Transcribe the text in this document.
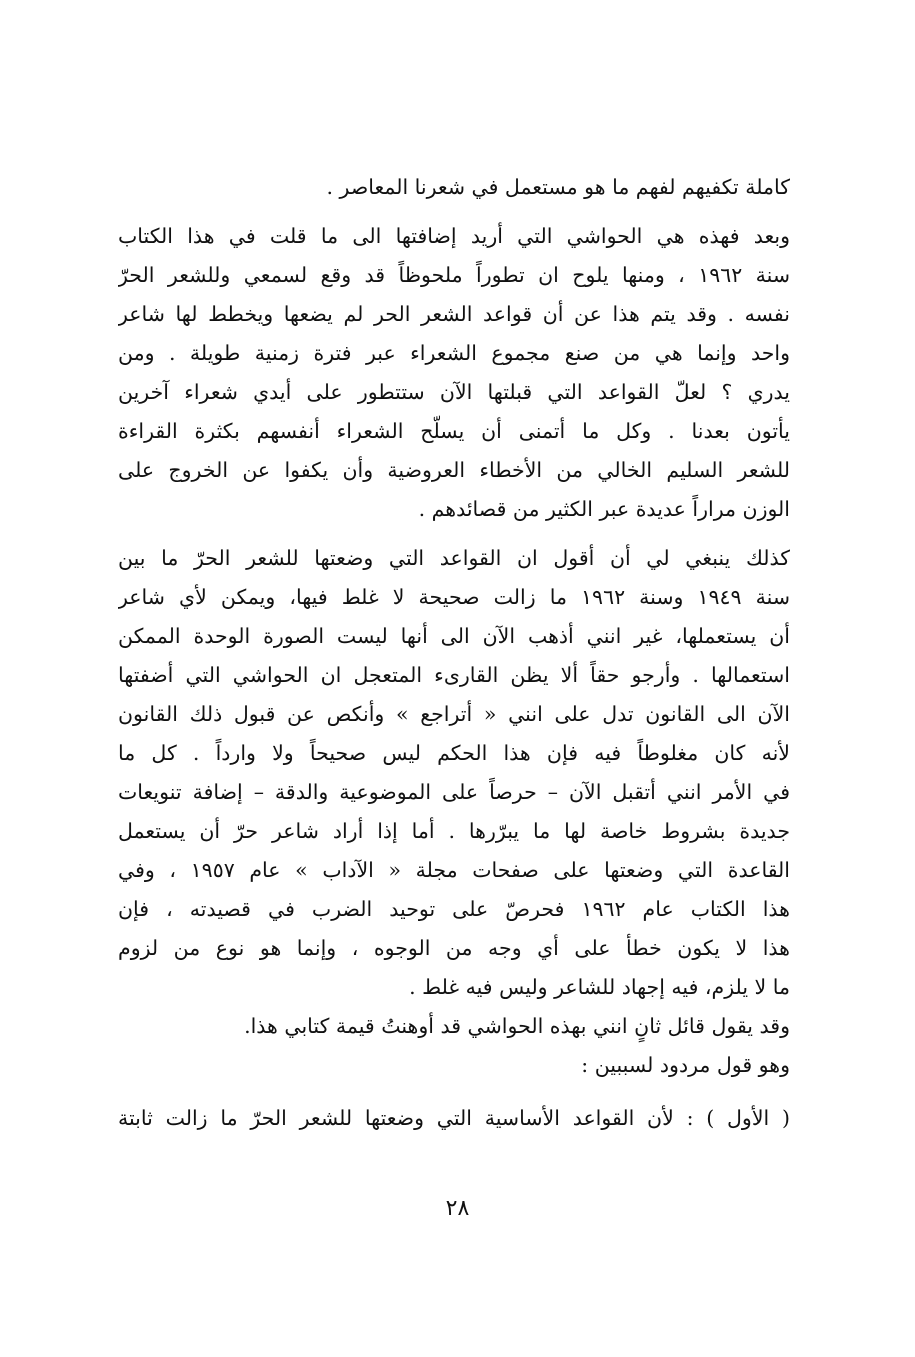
كاملة تكفيهم لفهم ما هو مستعمل في شعرنا المعاصر .
وبعد فهذه هي الحواشي التي أريد إضافتها الى ما قلت في هذا الكتاب
سنة ١٩٦٢ ، ومنها يلوح ان تطوراً ملحوظاً قد وقع لسمعي وللشعر الحرّ
نفسه . وقد يتم هذا عن أن قواعد الشعر الحر لم يضعها ويخطط لها شاعر
واحد وإنما هي من صنع مجموع الشعراء عبر فترة زمنية طويلة . ومن
يدري ؟ لعلّ القواعد التي قبلتها الآن ستتطور على أيدي شعراء آخرين
يأتون بعدنا . وكل ما أتمنى أن يسلّح الشعراء أنفسهم بكثرة القراءة
للشعر السليم الخالي من الأخطاء العروضية وأن يكفوا عن الخروج على
الوزن مراراً عديدة عبر الكثير من قصائدهم .
كذلك ينبغي لي أن أقول ان القواعد التي وضعتها للشعر الحرّ ما بين
سنة ١٩٤٩ وسنة ١٩٦٢ ما زالت صحيحة لا غلط فيها، ويمكن لأي شاعر
أن يستعملها، غير انني أذهب الآن الى أنها ليست الصورة الوحدة الممكن
استعمالها . وأرجو حقاً ألا يظن القارىء المتعجل ان الحواشي التي أضفتها
الآن الى القانون تدل على انني « أتراجع » وأنكص عن قبول ذلك القانون
لأنه كان مغلوطاً فيه فإن هذا الحكم ليس صحيحاً ولا وارداً . كل ما
في الأمر انني أتقبل الآن – حرصاً على الموضوعية والدقة – إضافة تنويعات
جديدة بشروط خاصة لها ما يبرّرها . أما إذا أراد شاعر حرّ أن يستعمل
القاعدة التي وضعتها على صفحات مجلة « الآداب » عام ١٩٥٧ ، وفي
هذا الكتاب عام ١٩٦٢ فحرصّ على توحيد الضرب في قصيدته ، فإن
هذا لا يكون خطأ على أي وجه من الوجوه ، وإنما هو نوع من لزوم
ما لا يلزم، فيه إجهاد للشاعر وليس فيه غلط .
وقد يقول قائل ثانٍ انني بهذه الحواشي قد أوهنتُ قيمة كتابي هذا.
وهو قول مردود لسببين :
( الأول ) : لأن القواعد الأساسية التي وضعتها للشعر الحرّ ما زالت ثابتة
٢٨
